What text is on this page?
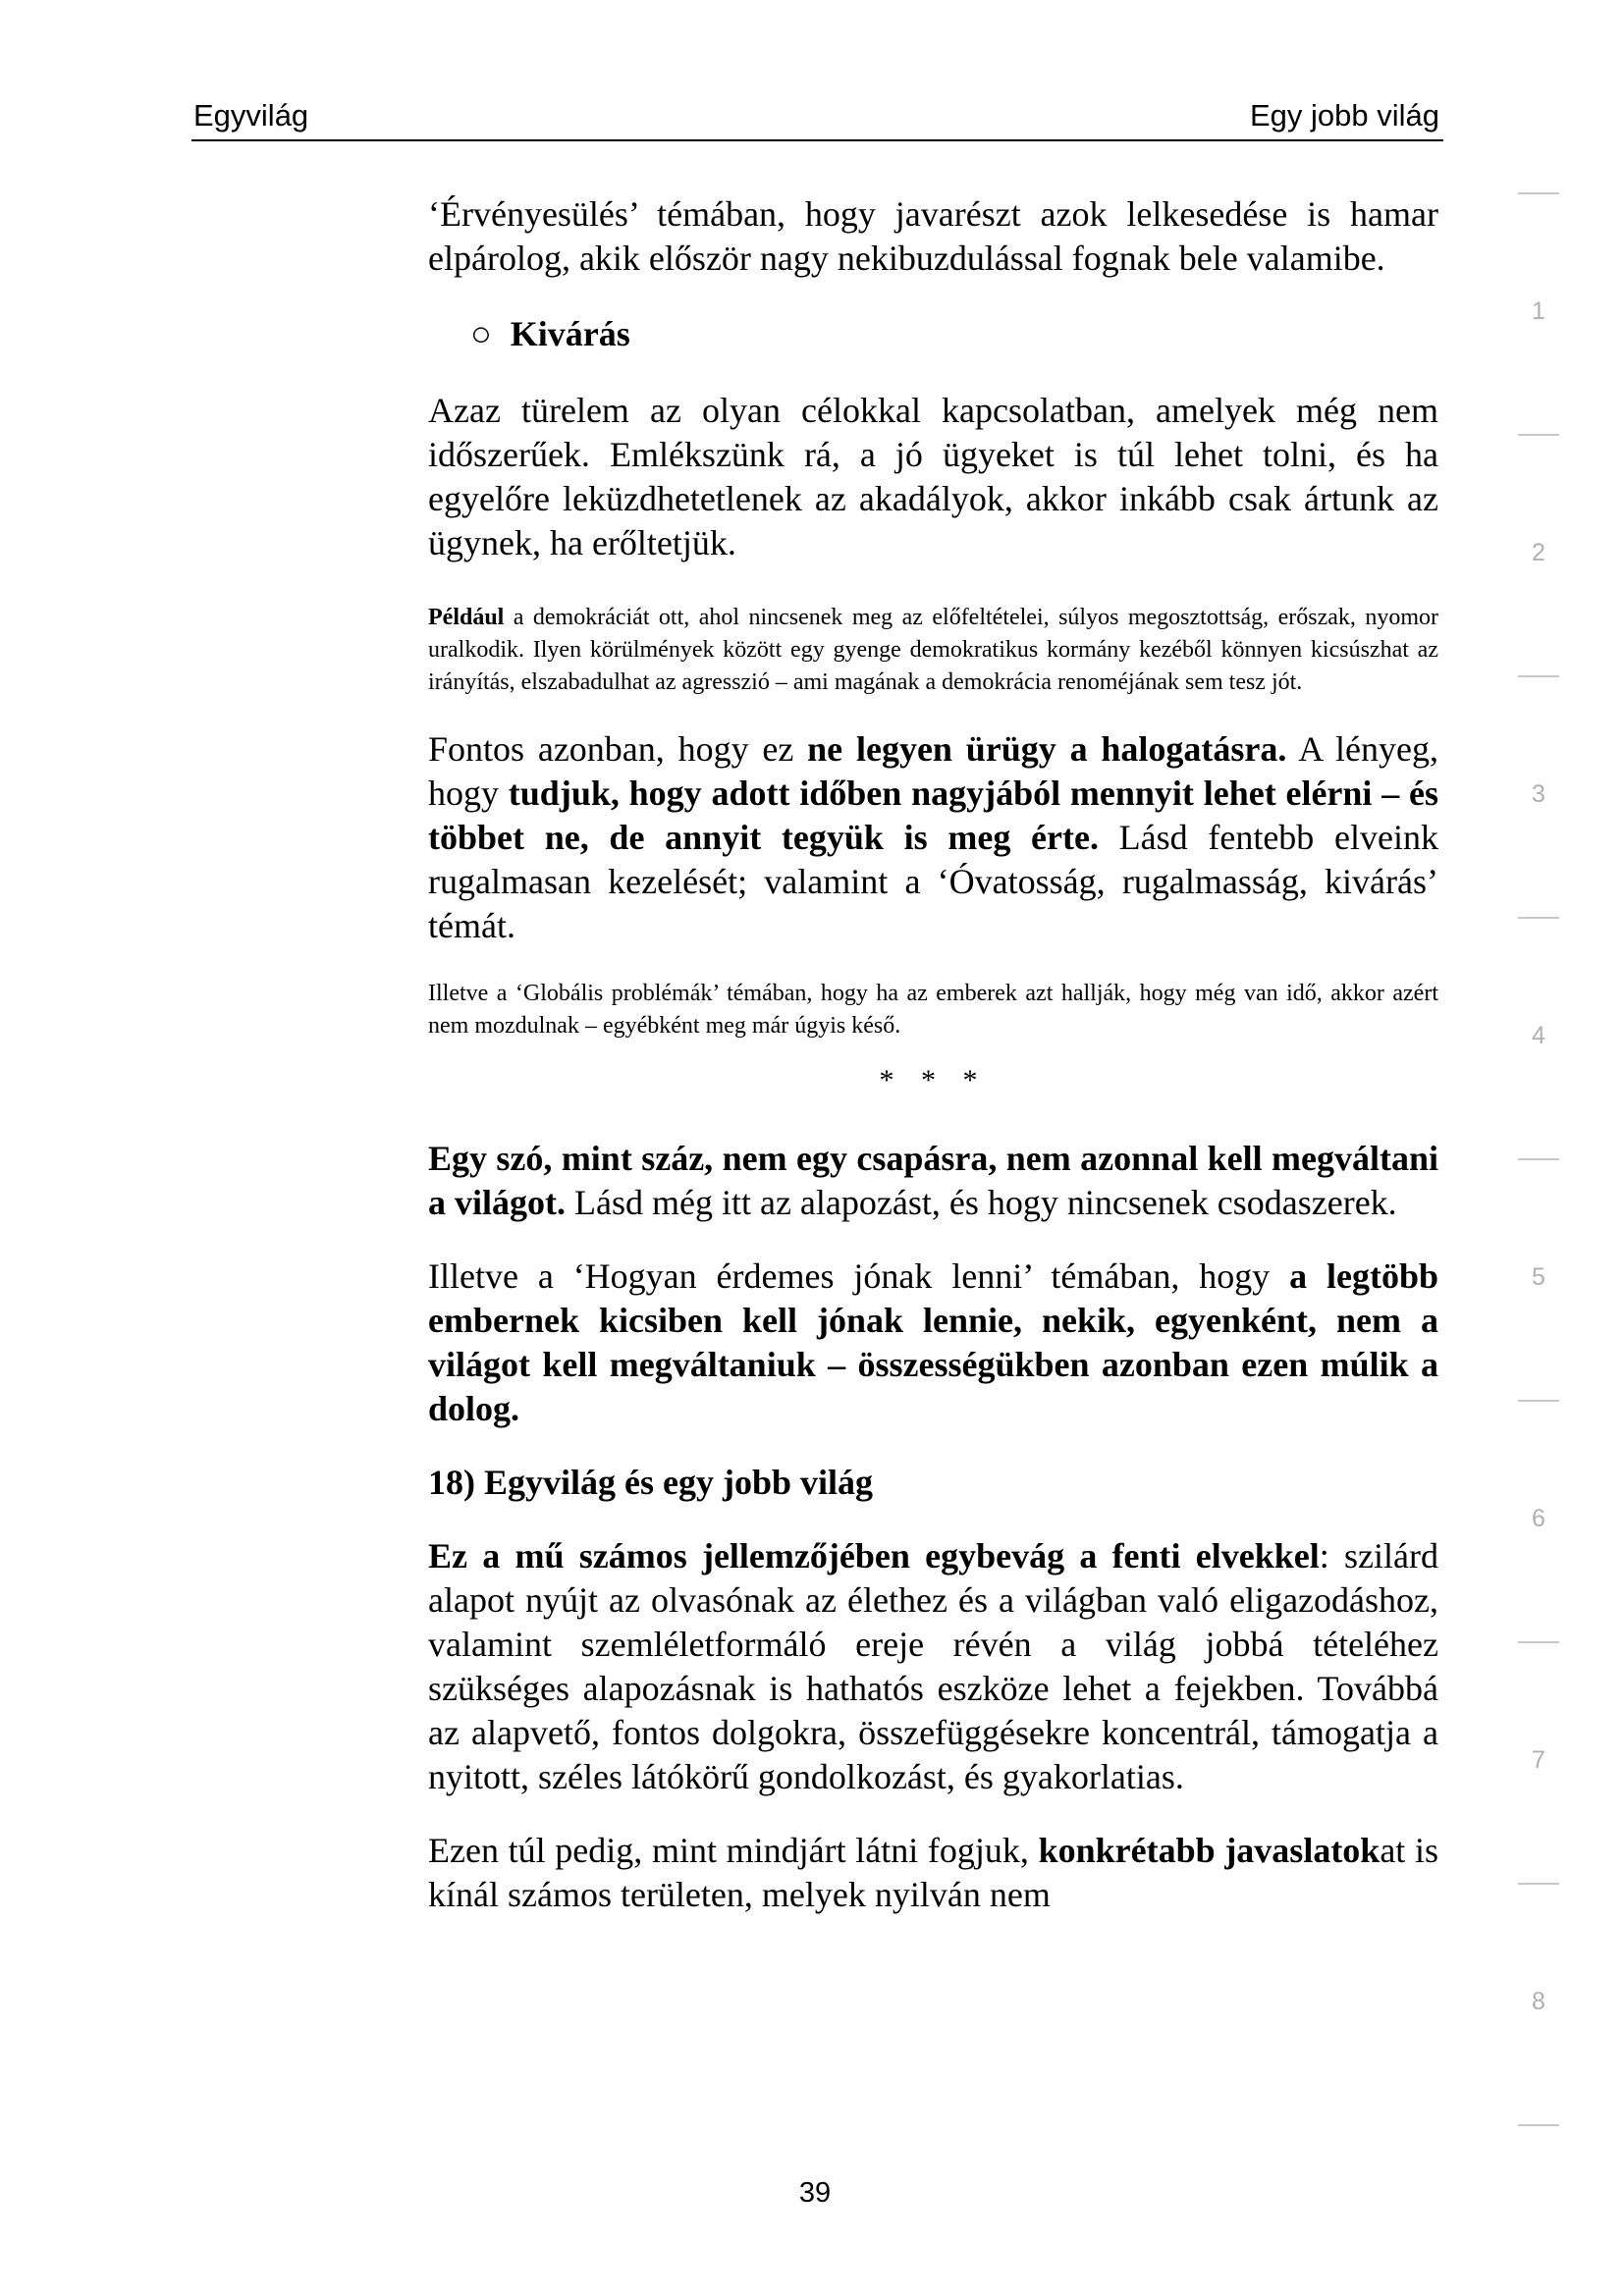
Egyvilág	Egy jobb világ

‘Érvényesülés’ témában, hogy javarészt azok lelkesedése is hamar elpárolog, akik először nagy nekibuzdulással fognak bele valamibe.

○ Kivárás

Azaz türelem az olyan célokkal kapcsolatban, amelyek még nem időszerűek. Emlékszünk rá, a jó ügyeket is túl lehet tolni, és ha egyelőre leküzdhetetlenek az akadályok, akkor inkább csak ártunk az ügynek, ha erőltetjük.

Például a demokráciát ott, ahol nincsenek meg az előfeltételei, súlyos megosztottság, erőszak, nyomor uralkodik. Ilyen körülmények között egy gyenge demokratikus kormány kezéből könnyen kicsúszhat az irányítás, elszabadulhat az agresszió – ami magának a demokrácia renoméjának sem tesz jót.

Fontos azonban, hogy ez ne legyen ürügy a halogatásra. A lényeg, hogy tudjuk, hogy adott időben nagyjából mennyit lehet elérni – és többet ne, de annyit tegyük is meg érte. Lásd fentebb elveink rugalmasan kezelését; valamint a ‘Óvatosság, rugalmasság, kivárás’ témát.

Illetve a ‘Globális problémák’ témában, hogy ha az emberek azt hallják, hogy még van idő, akkor azért nem mozdulnak – egyébként meg már úgyis késő.

* * *

Egy szó, mint száz, nem egy csapásra, nem azonnal kell megváltani a világot. Lásd még itt az alapozást, és hogy nincsenek csodaszerek.

Illetve a ‘Hogyan érdemes jónak lenni’ témában, hogy a legtöbb embernek kicsiben kell jónak lennie, nekik, egyenként, nem a világot kell megváltaniuk – összességükben azonban ezen múlik a dolog.

18) Egyvilág és egy jobb világ

Ez a mű számos jellemzőjében egybevág a fenti elvekkel: szilárd alapot nyújt az olvasónak az élethez és a világban való eligazodáshoz, valamint szemléletformáló ereje révén a világ jobbá tételéhez szükséges alapozásnak is hathatós eszköze lehet a fejekben. Továbbá az alapvető, fontos dolgokra, összefüggésekre koncentrál, támogatja a nyitott, széles látókörű gondolkozást, és gyakorlatias.

Ezen túl pedig, mint mindjárt látni fogjuk, konkrétabb javaslatokat is kínál számos területen, melyek nyilván nem

1
2
3
4
5
6
7
8
39
